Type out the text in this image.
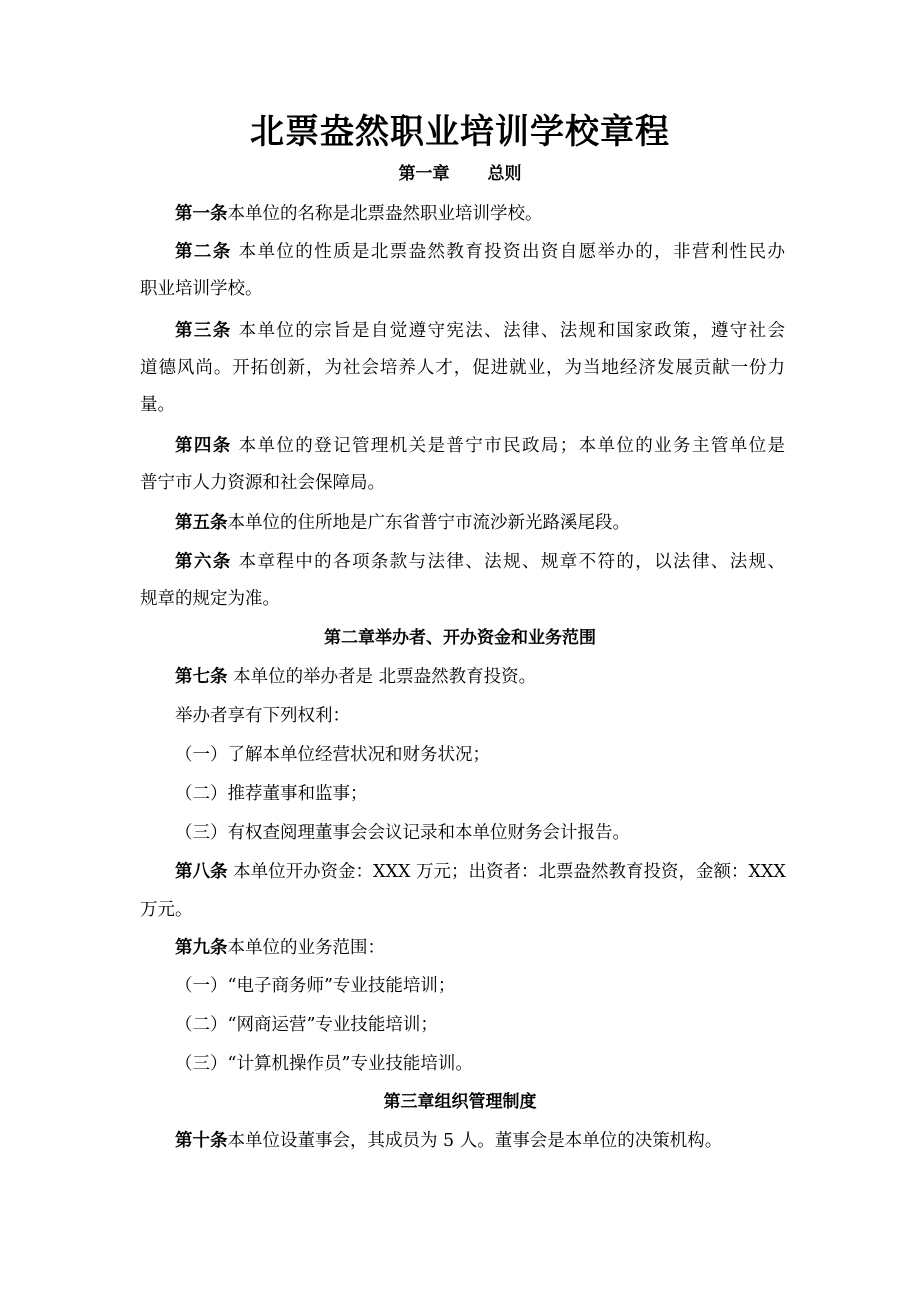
北票盎然职业培训学校章程
第一章 总则

第一条本单位的名称是北票盎然职业培训学校。

第二条 本单位的性质是北票盎然教育投资出资自愿举办的，非营利性民办

职业培训学校。

第三条 本单位的宗旨是自觉遵守宪法、法律、法规和国家政策，遵守社会

道德风尚。开拓创新，为社会培养人才，促进就业，为当地经济发展贡献一份力

量。

第四条 本单位的登记管理机关是普宁市民政局；本单位的业务主管单位是

普宁市人力资源和社会保障局。

第五条本单位的住所地是广东省普宁市流沙新光路溪尾段。

第六条 本章程中的各项条款与法律、法规、规章不符的，以法律、法规、

规章的规定为准。

第二章举办者、开办资金和业务范围

第七条 本单位的举办者是 北票盎然教育投资。

举办者享有下列权利：

（一）了解本单位经营状况和财务状况；

（二）推荐董事和监事；

（三）有权查阅理董事会会议记录和本单位财务会计报告。

第八条 本单位开办资金：XXX 万元；出资者：北票盎然教育投资，金额：XXX

万元。

第九条本单位的业务范围：

（一）“电子商务师”专业技能培训；

（二）“网商运营”专业技能培训；

（三）“计算机操作员”专业技能培训。

第三章组织管理制度

第十条本单位设董事会，其成员为 5 人。董事会是本单位的决策机构。
